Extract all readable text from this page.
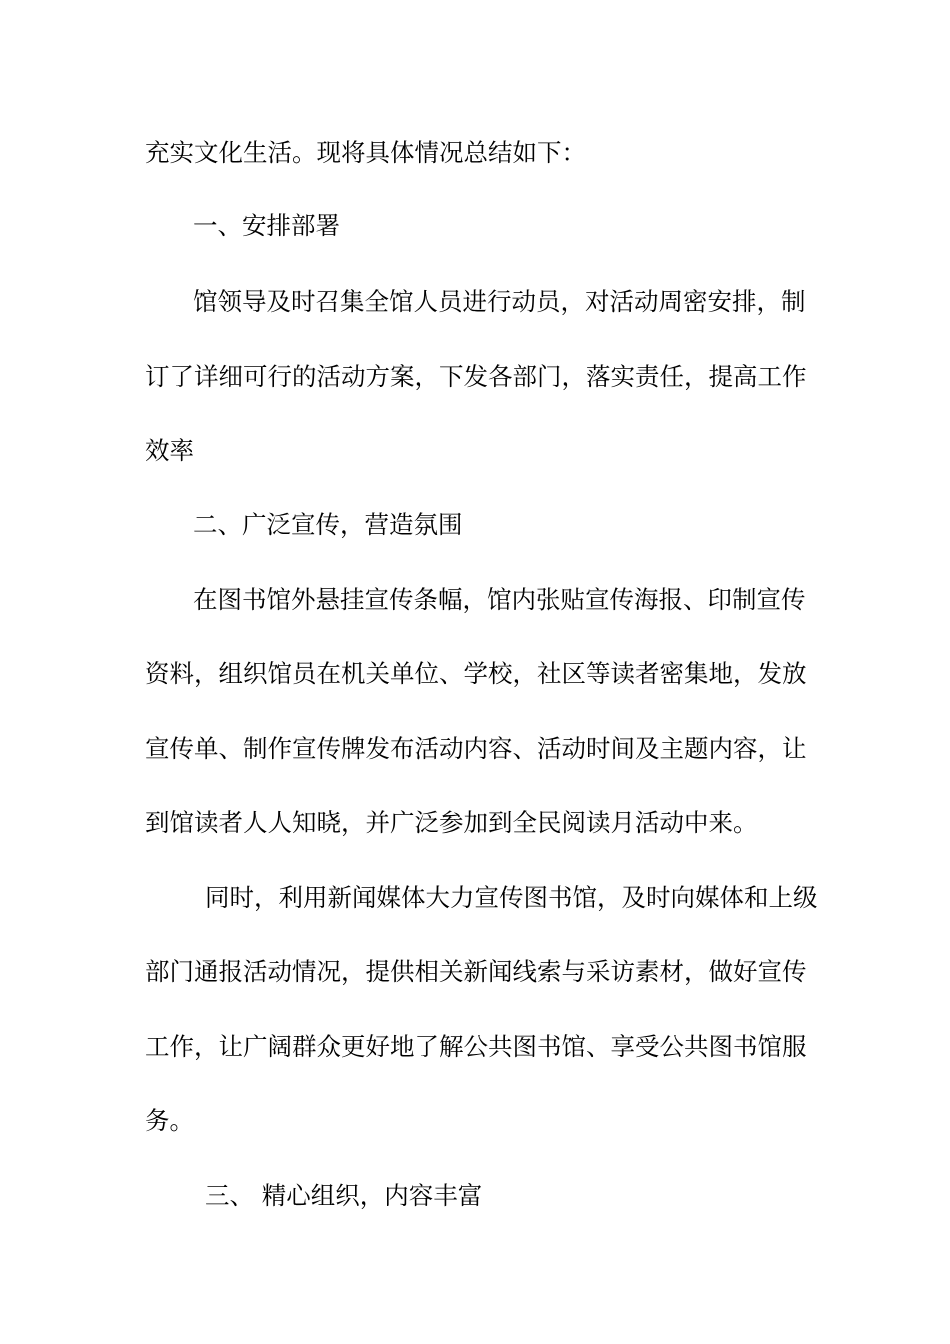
充实文化生活。现将具体情况总结如下：
一、安排部署
馆领导及时召集全馆人员进行动员，对活动周密安排，制
订了详细可行的活动方案，下发各部门，落实责任，提高工作
效率
二、广泛宣传，营造氛围
在图书馆外悬挂宣传条幅，馆内张贴宣传海报、印制宣传
资料，组织馆员在机关单位、学校，社区等读者密集地，发放
宣传单、制作宣传牌发布活动内容、活动时间及主题内容，让
到馆读者人人知晓，并广泛参加到全民阅读月活动中来。
同时，利用新闻媒体大力宣传图书馆，及时向媒体和上级
部门通报活动情况，提供相关新闻线索与采访素材，做好宣传
工作，让广阔群众更好地了解公共图书馆、享受公共图书馆服
务。
三、 精心组织，内容丰富
